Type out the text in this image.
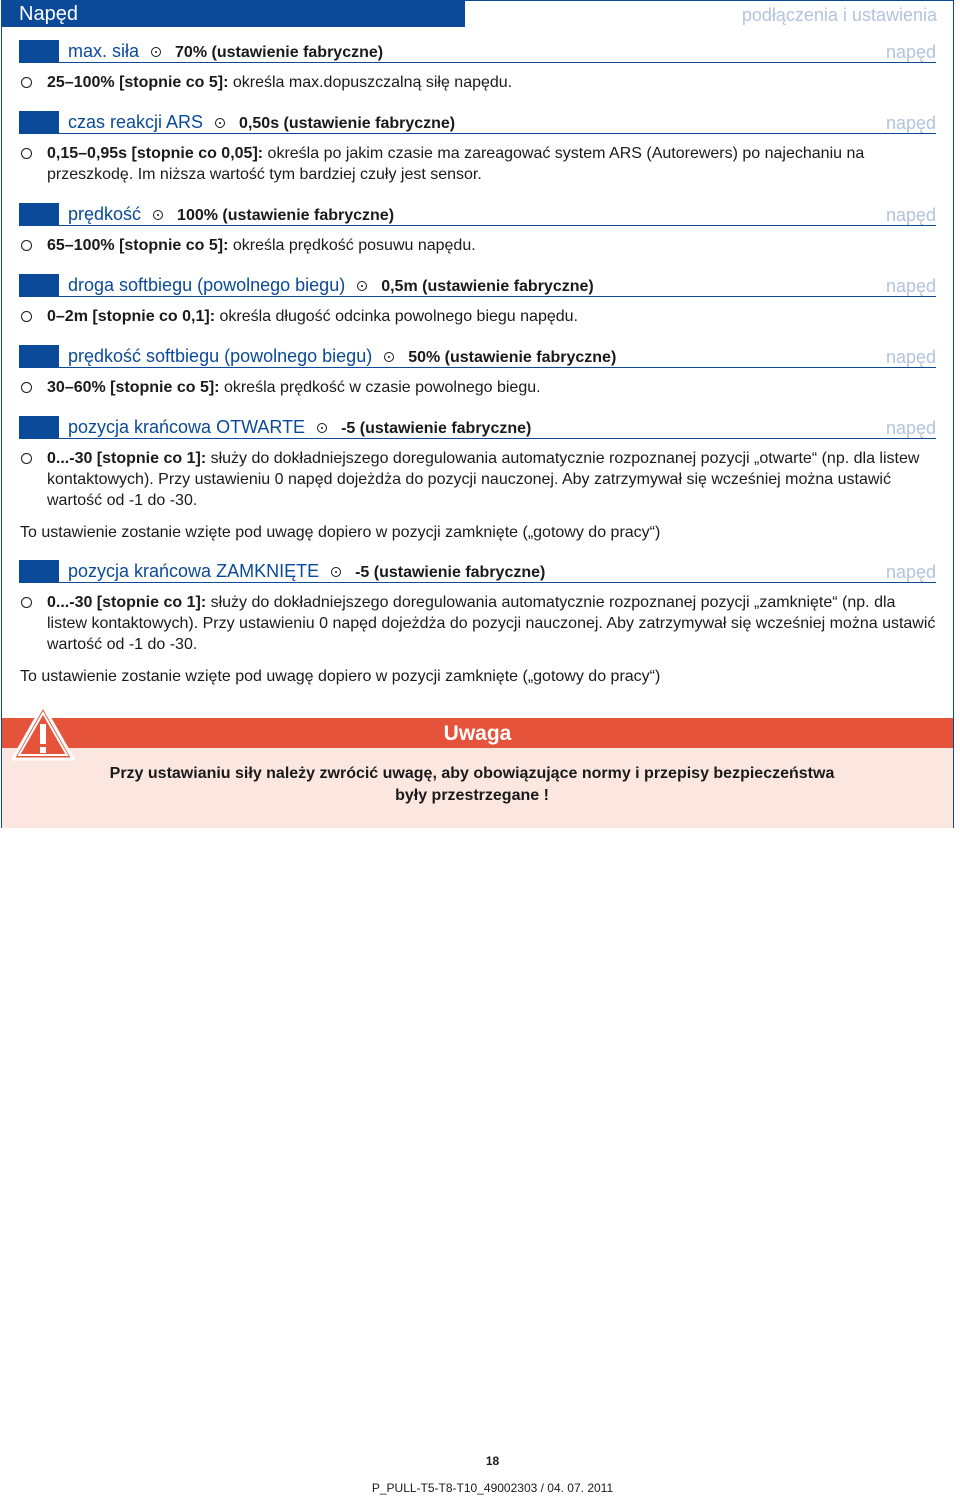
Napęd	podłączenia i ustawienia
max. siła 70% (ustawienie fabryczne)	napęd
25–100% [stopnie co 5]: określa max.dopuszczalną siłę napędu.
czas reakcji ARS 0,50s (ustawienie fabryczne)	napęd
0,15–0,95s [stopnie co 0,05]: określa po jakim czasie ma zareagować system ARS (Autorewers) po najechaniu na przeszkodę. Im niższa wartość tym bardziej czuły jest sensor.
prędkość 100% (ustawienie fabryczne)	napęd
65–100% [stopnie co 5]: określa prędkość posuwu napędu.
droga softbiegu (powolnego biegu) 0,5m (ustawienie fabryczne)	napęd
0–2m [stopnie co 0,1]: określa długość odcinka powolnego biegu napędu.
prędkość softbiegu (powolnego biegu) 50% (ustawienie fabryczne)	napęd
30–60% [stopnie co 5]: określa prędkość w czasie powolnego biegu.
pozycja krańcowa OTWARTE -5 (ustawienie fabryczne)	napęd
0...-30 [stopnie co 1]: służy do dokładniejszego doregulowania automatycznie rozpoznanej pozycji „otwarte“ (np. dla listew kontaktowych). Przy ustawieniu 0 napęd dojeżdża do pozycji nauczonej. Aby zatrzymywał się wcześniej można ustawić wartość od -1 do -30.
To ustawienie zostanie wzięte pod uwagę dopiero w pozycji zamknięte („gotowy do pracy“)
pozycja krańcowa ZAMKNIĘTE -5 (ustawienie fabryczne)	napęd
0...-30 [stopnie co 1]: służy do dokładniejszego doregulowania automatycznie rozpoznanej pozycji „zamknięte“ (np. dla listew kontaktowych). Przy ustawieniu 0 napęd dojeżdża do pozycji nauczonej. Aby zatrzymywał się wcześniej można ustawić wartość od -1 do -30.
To ustawienie zostanie wzięte pod uwagę dopiero w pozycji zamknięte („gotowy do pracy“)
Uwaga
Przy ustawianiu siły należy zwrócić uwagę, aby obowiązujące normy i przepisy bezpieczeństwa
były przestrzegane !
18
P_PULL-T5-T8-T10_49002303 / 04. 07. 2011
